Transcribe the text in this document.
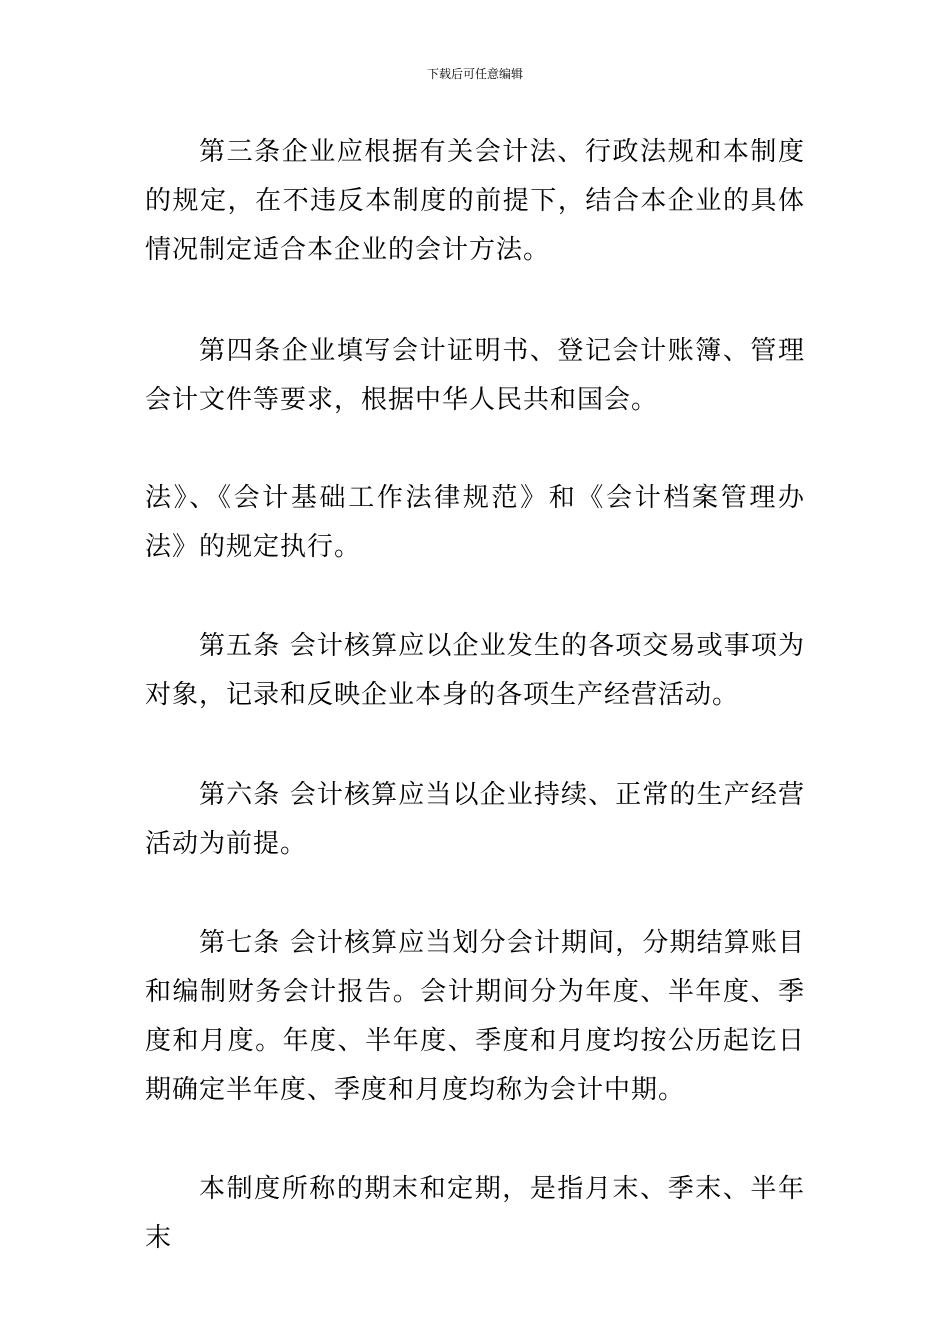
下载后可任意编辑

第三条企业应根据有关会计法、行政法规和本制度的规定，在不违反本制度的前提下，结合本企业的具体情况制定适合本企业的会计方法。

第四条企业填写会计证明书、登记会计账簿、管理会计文件等要求，根据中华人民共和国会。

法》、《会计基础工作法律规范》和《会计档案管理办法》的规定执行。

第五条 会计核算应以企业发生的各项交易或事项为对象，记录和反映企业本身的各项生产经营活动。

第六条 会计核算应当以企业持续、正常的生产经营活动为前提。

第七条 会计核算应当划分会计期间，分期结算账目和编制财务会计报告。会计期间分为年度、半年度、季度和月度。年度、半年度、季度和月度均按公历起讫日期确定半年度、季度和月度均称为会计中期。

本制度所称的期末和定期，是指月末、季末、半年末
